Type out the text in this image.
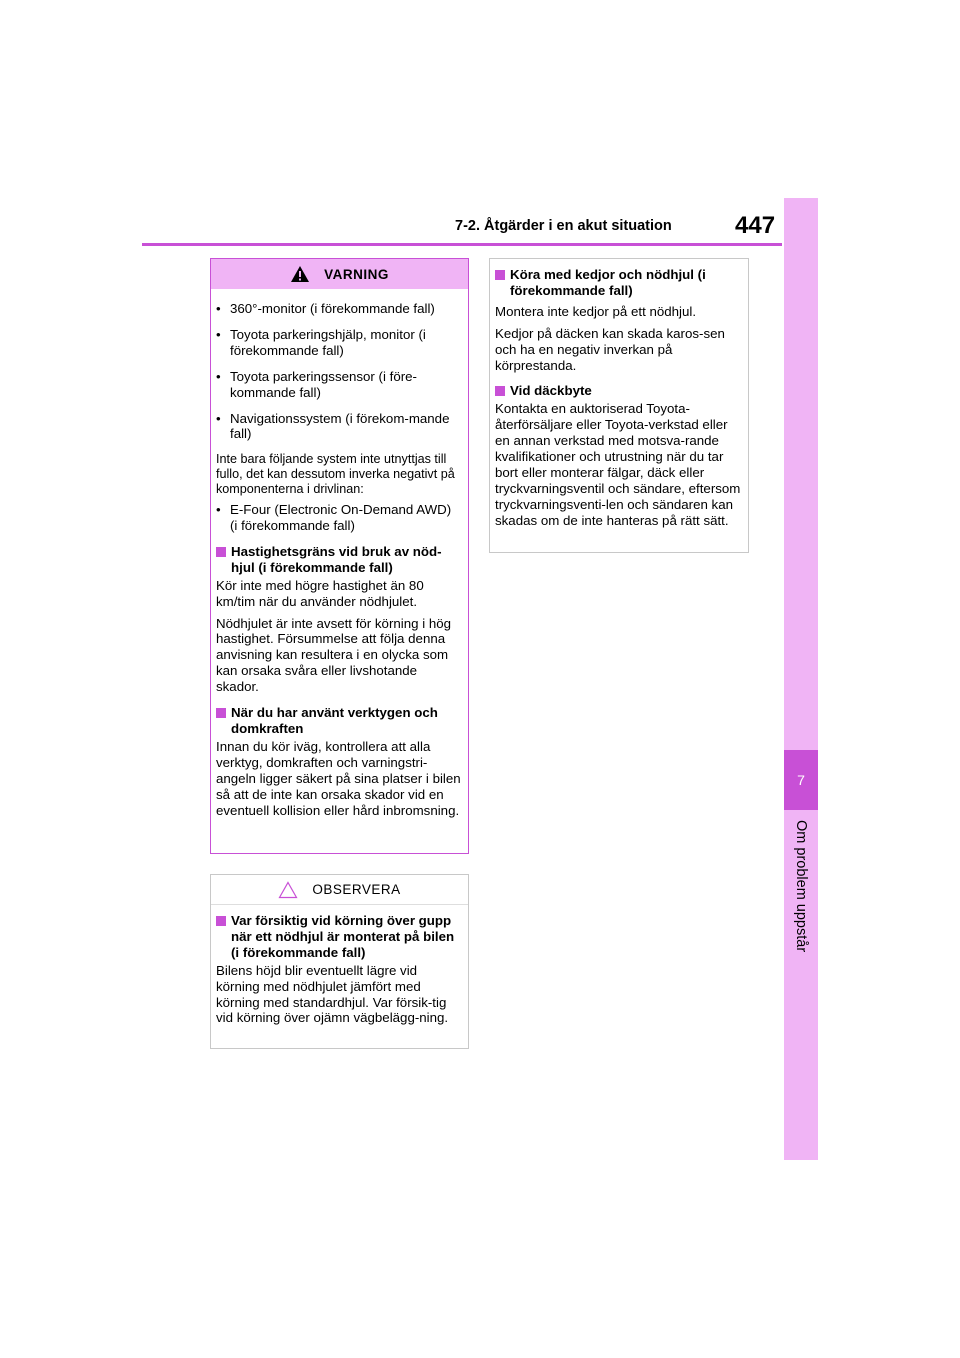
7-2. Åtgärder i en akut situation	447
7
Om problem uppstår
VARNING
• 360°-monitor (i förekommande fall)
• Toyota parkeringshjälp, monitor (i förekommande fall)
• Toyota parkeringssensor (i före-kommande fall)
• Navigationssystem (i förekom-mande fall)

Inte bara följande system inte utnyttjas till fullo, det kan dessutom inverka negativt på komponenterna i drivlinan:

• E-Four (Electronic On-Demand AWD) (i förekommande fall)
Hastighetsgräns vid bruk av nöd-hjul (i förekommande fall)

Kör inte med högre hastighet än 80 km/tim när du använder nödhjulet.

Nödhjulet är inte avsett för körning i hög hastighet. Försummelse att följa denna anvisning kan resultera i en olycka som kan orsaka svåra eller livshotande skador.

När du har använt verktygen och domkraften

Innan du kör iväg, kontrollera att alla verktyg, domkraften och varningstri-angeln ligger säkert på sina platser i bilen så att de inte kan orsaka skador vid en eventuell kollision eller hård inbromsning.

Köra med kedjor och nödhjul (i förekommande fall)

Montera inte kedjor på ett nödhjul.

Kedjor på däcken kan skada karos-sen och ha en negativ inverkan på körprestanda.

Vid däckbyte

Kontakta en auktoriserad Toyota-återförsäljare eller Toyota-verkstad eller en annan verkstad med motsva-rande kvalifikationer och utrustning när du tar bort eller monterar fälgar, däck eller tryckvarningsventil och sändare, eftersom tryckvarningsventi-len och sändaren kan skadas om de inte hanteras på rätt sätt.

OBSERVERA
Var försiktig vid körning över gupp när ett nödhjul är monterat på bilen (i förekommande fall)

Bilens höjd blir eventuellt lägre vid körning med nödhjulet jämfört med körning med standardhjul. Var försik-tig vid körning över ojämn vägbelägg-ning.
